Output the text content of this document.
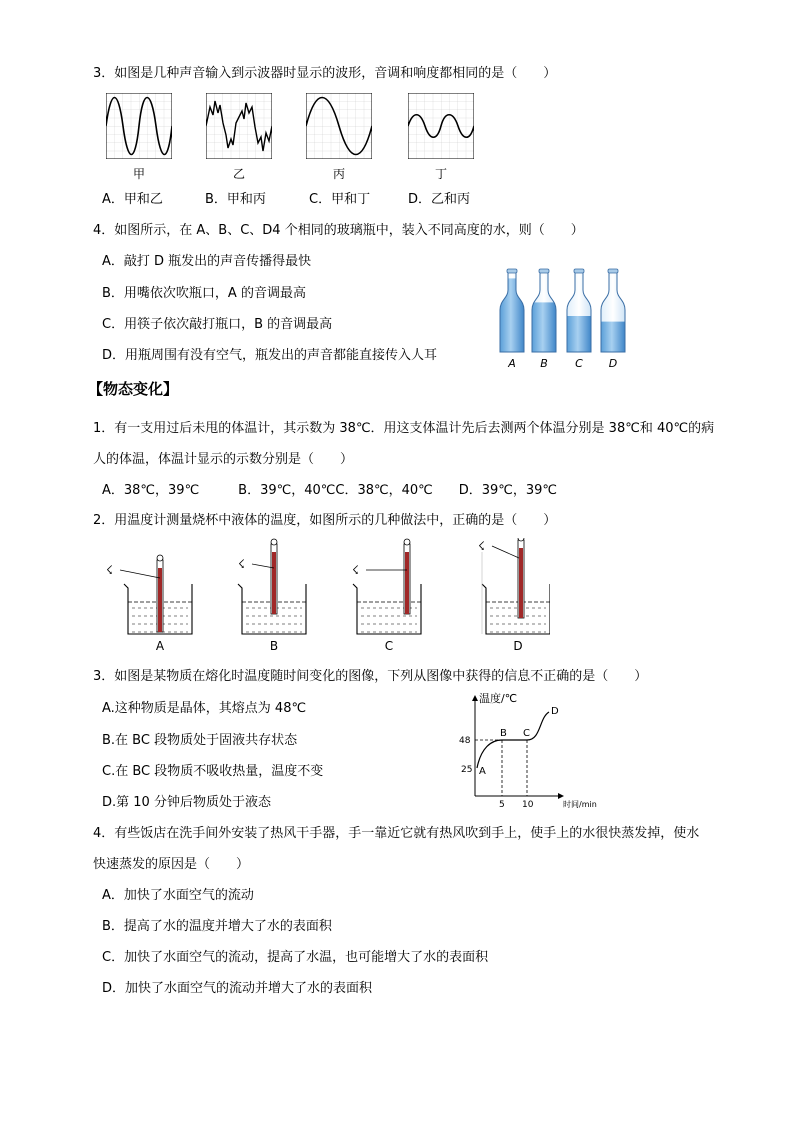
3．如图是几种声音输入到示波器时显示的波形，音调和响度都相同的是（　　）
甲	乙	丙	丁
A．甲和乙	B．甲和丙	C．甲和丁	D．乙和丙
4．如图所示，在 A、B、C、D4 个相同的玻璃瓶中，装入不同高度的水，则（　　）
A．敲打 D 瓶发出的声音传播得最快
B．用嘴依次吹瓶口，A 的音调最高
C．用筷子依次敲打瓶口，B 的音调最高
D．用瓶周围有没有空气，瓶发出的声音都能直接传入人耳
A B C D
【物态变化】
1．有一支用过后未甩的体温计，其示数为 38℃．用这支体温计先后去测两个体温分别是 38℃和 40℃的病
人的体温，体温计显示的示数分别是（　　）
A．38℃，39℃　　　B．39℃，40℃C．38℃，40℃　　D．39℃，39℃
2．用温度计测量烧杯中液体的温度，如图所示的几种做法中，正确的是（　　）
☇	☇	☇
☇
A	B	C	D
3．如图是某物质在熔化时温度随时间变化的图像，下列从图像中获得的信息不正确的是（　　）
A.这种物质是晶体，其熔点为 48℃
B.在 BC 段物质处于固液共存状态
C.在 BC 段物质不吸收热量，温度不变
D.第 10 分钟后物质处于液态
温度/℃
时间/min
48
25
5 10
A
B C
D
4．有些饭店在洗手间外安装了热风干手器，手一靠近它就有热风吹到手上，使手上的水很快蒸发掉，使水
快速蒸发的原因是（　　）
A．加快了水面空气的流动
B．提高了水的温度并增大了水的表面积
C．加快了水面空气的流动，提高了水温，也可能增大了水的表面积
D．加快了水面空气的流动并增大了水的表面积
